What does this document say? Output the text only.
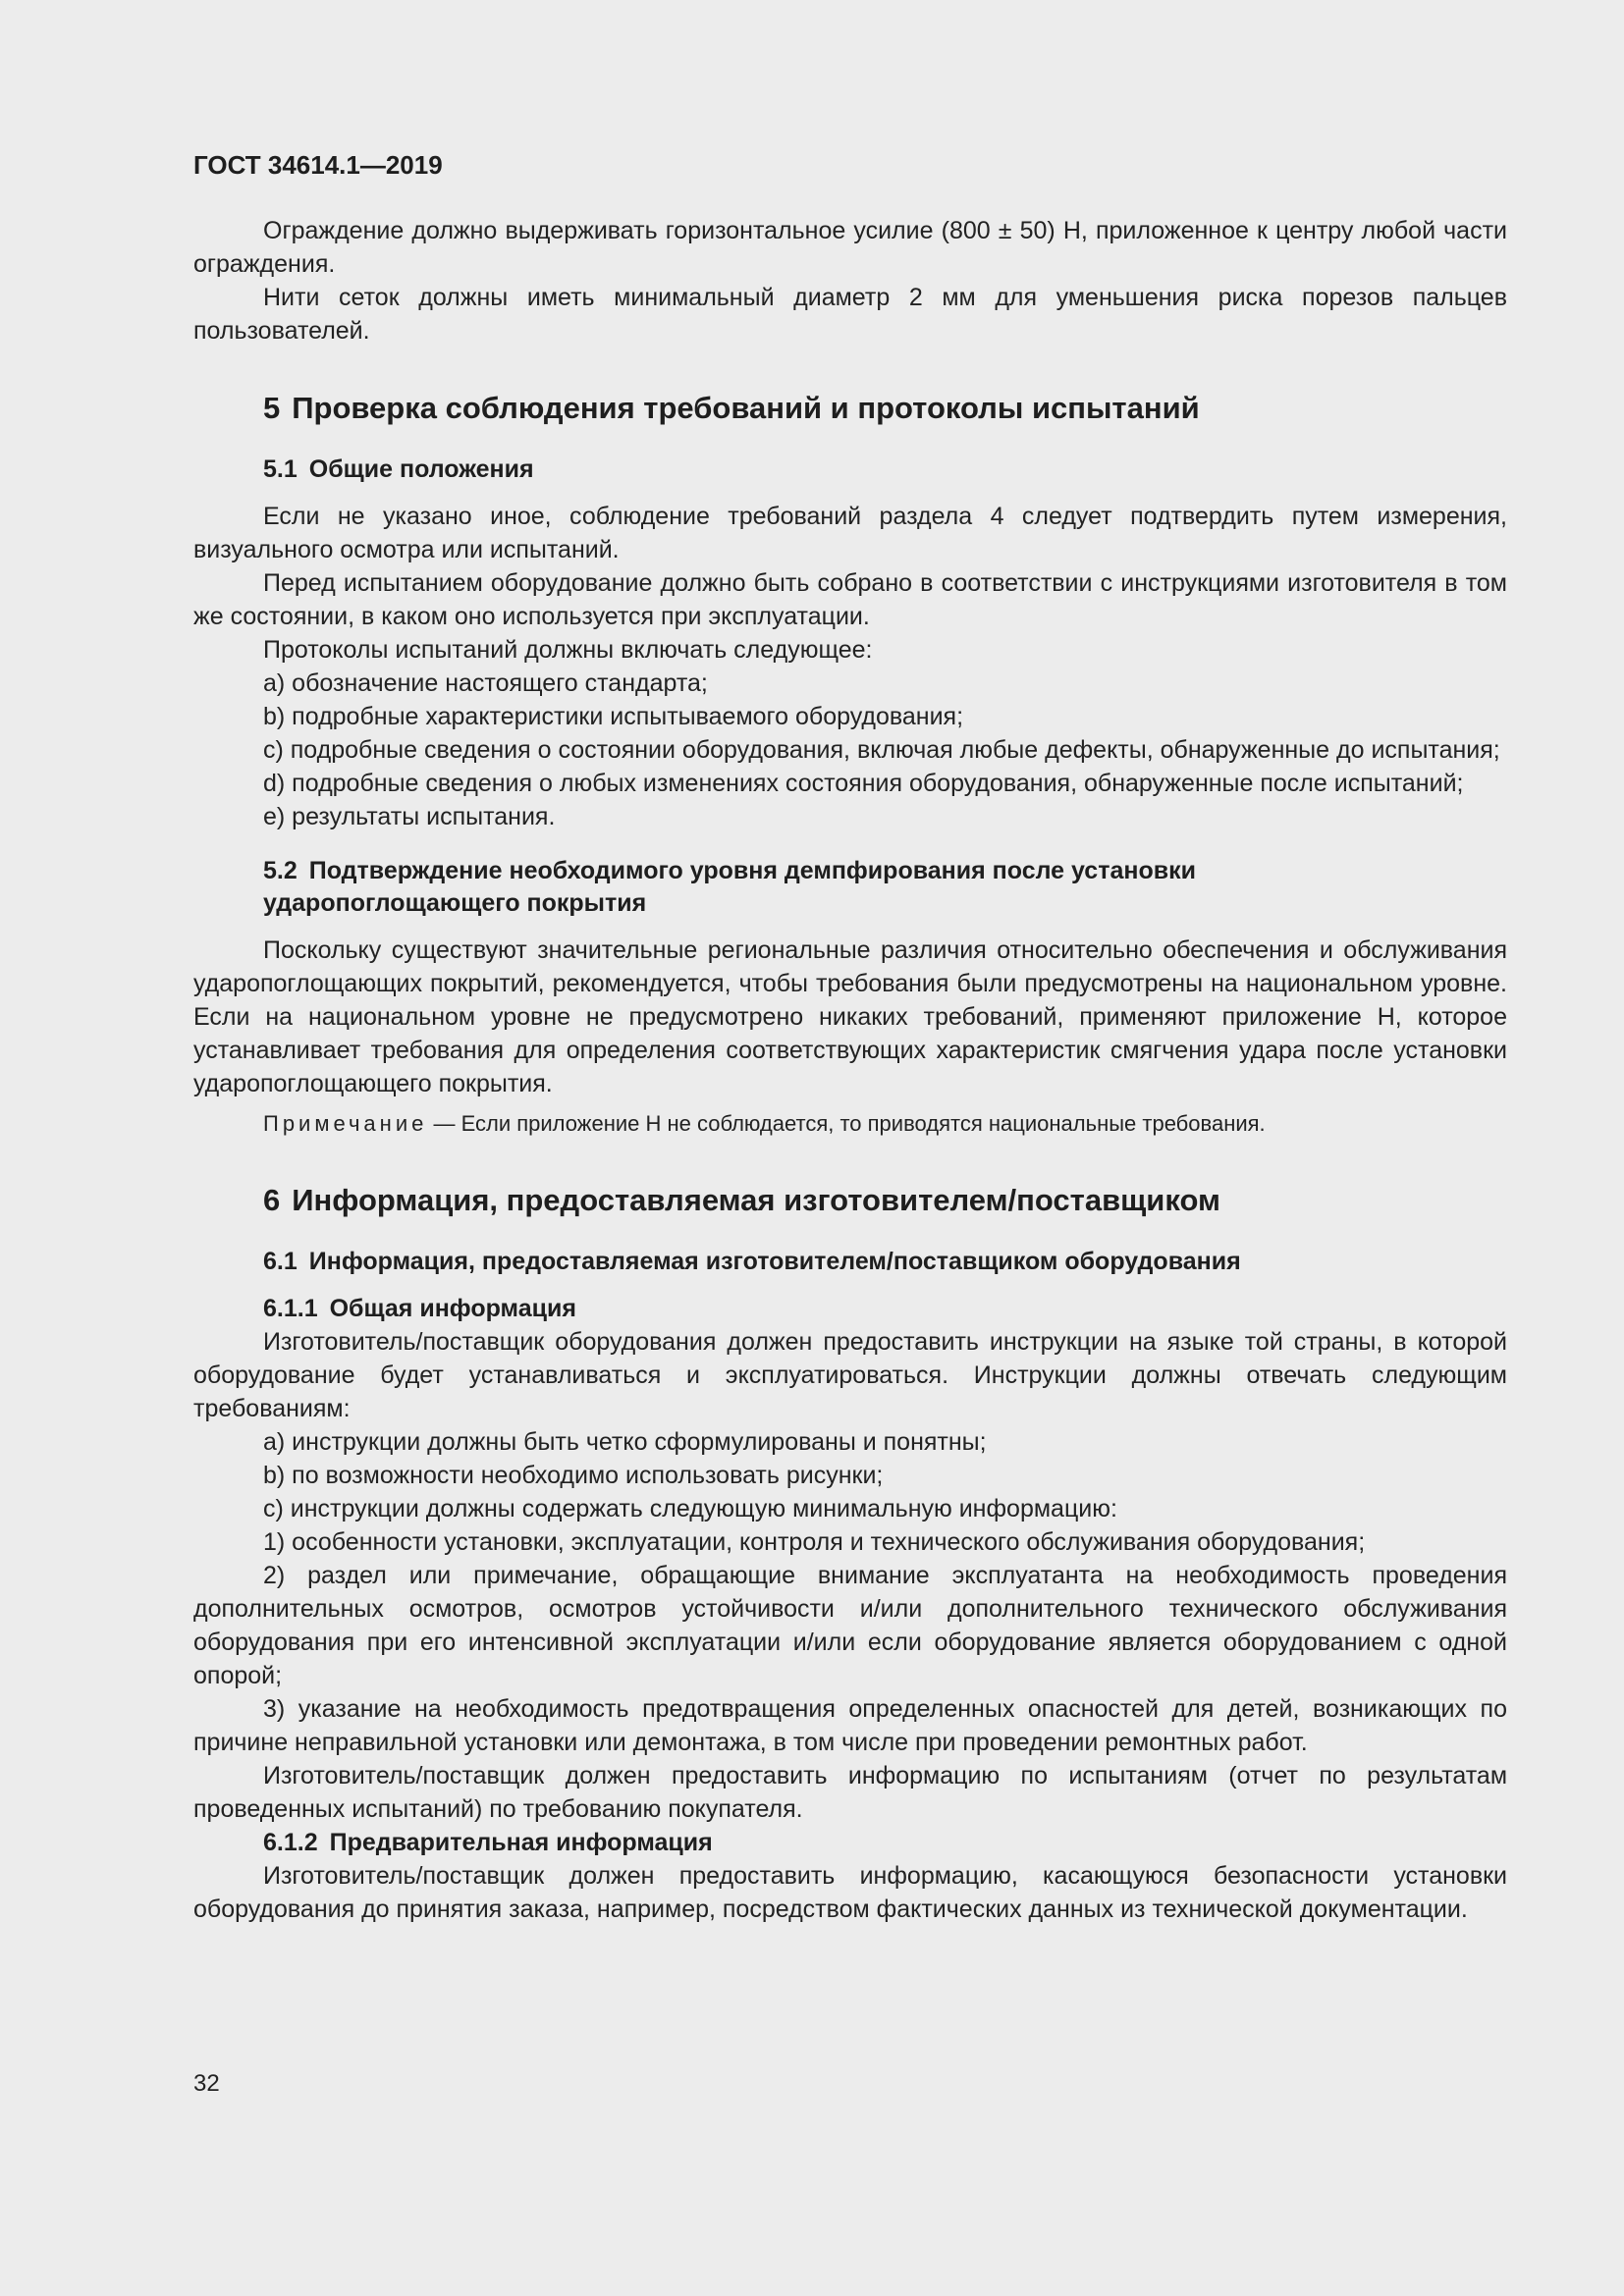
ГОСТ 34614.1—2019

Ограждение должно выдерживать горизонтальное усилие (800 ± 50) Н, приложенное к центру любой части ограждения.

Нити сеток должны иметь минимальный диаметр 2 мм для уменьшения риска порезов пальцев пользователей.

5 Проверка соблюдения требований и протоколы испытаний
5.1 Общие положения

Если не указано иное, соблюдение требований раздела 4 следует подтвердить путем измерения, визуального осмотра или испытаний.

Перед испытанием оборудование должно быть собрано в соответствии с инструкциями изготовителя в том же состоянии, в каком оно используется при эксплуатации.

Протоколы испытаний должны включать следующее:

а) обозначение настоящего стандарта;

b) подробные характеристики испытываемого оборудования;

с) подробные сведения о состоянии оборудования, включая любые дефекты, обнаруженные до испытания;

d) подробные сведения о любых изменениях состояния оборудования, обнаруженные после испытаний;

е) результаты испытания.

5.2 Подтверждение необходимого уровня демпфирования после установки
ударопоглощающего покрытия

Поскольку существуют значительные региональные различия относительно обеспечения и обслуживания ударопоглощающих покрытий, рекомендуется, чтобы требования были предусмотрены на национальном уровне. Если на национальном уровне не предусмотрено никаких требований, применяют приложение Н, которое устанавливает требования для определения соответствующих характеристик смягчения удара после установки ударопоглощающего покрытия.

Примечание — Если приложение Н не соблюдается, то приводятся национальные требования.
6 Информация, предоставляемая изготовителем/поставщиком
6.1 Информация, предоставляемая изготовителем/поставщиком оборудования
6.1.1 Общая информация

Изготовитель/поставщик оборудования должен предоставить инструкции на языке той страны, в которой оборудование будет устанавливаться и эксплуатироваться. Инструкции должны отвечать следующим требованиям:

а) инструкции должны быть четко сформулированы и понятны;

b) по возможности необходимо использовать рисунки;

с) инструкции должны содержать следующую минимальную информацию:

1) особенности установки, эксплуатации, контроля и технического обслуживания оборудования;

2) раздел или примечание, обращающие внимание эксплуатанта на необходимость проведения дополнительных осмотров, осмотров устойчивости и/или дополнительного технического обслуживания оборудования при его интенсивной эксплуатации и/или если оборудование является оборудованием с одной опорой;

3) указание на необходимость предотвращения определенных опасностей для детей, возникающих по причине неправильной установки или демонтажа, в том числе при проведении ремонтных работ.

Изготовитель/поставщик должен предоставить информацию по испытаниям (отчет по результатам проведенных испытаний) по требованию покупателя.

6.1.2 Предварительная информация

Изготовитель/поставщик должен предоставить информацию, касающуюся безопасности установки оборудования до принятия заказа, например, посредством фактических данных из технической документации.

32
